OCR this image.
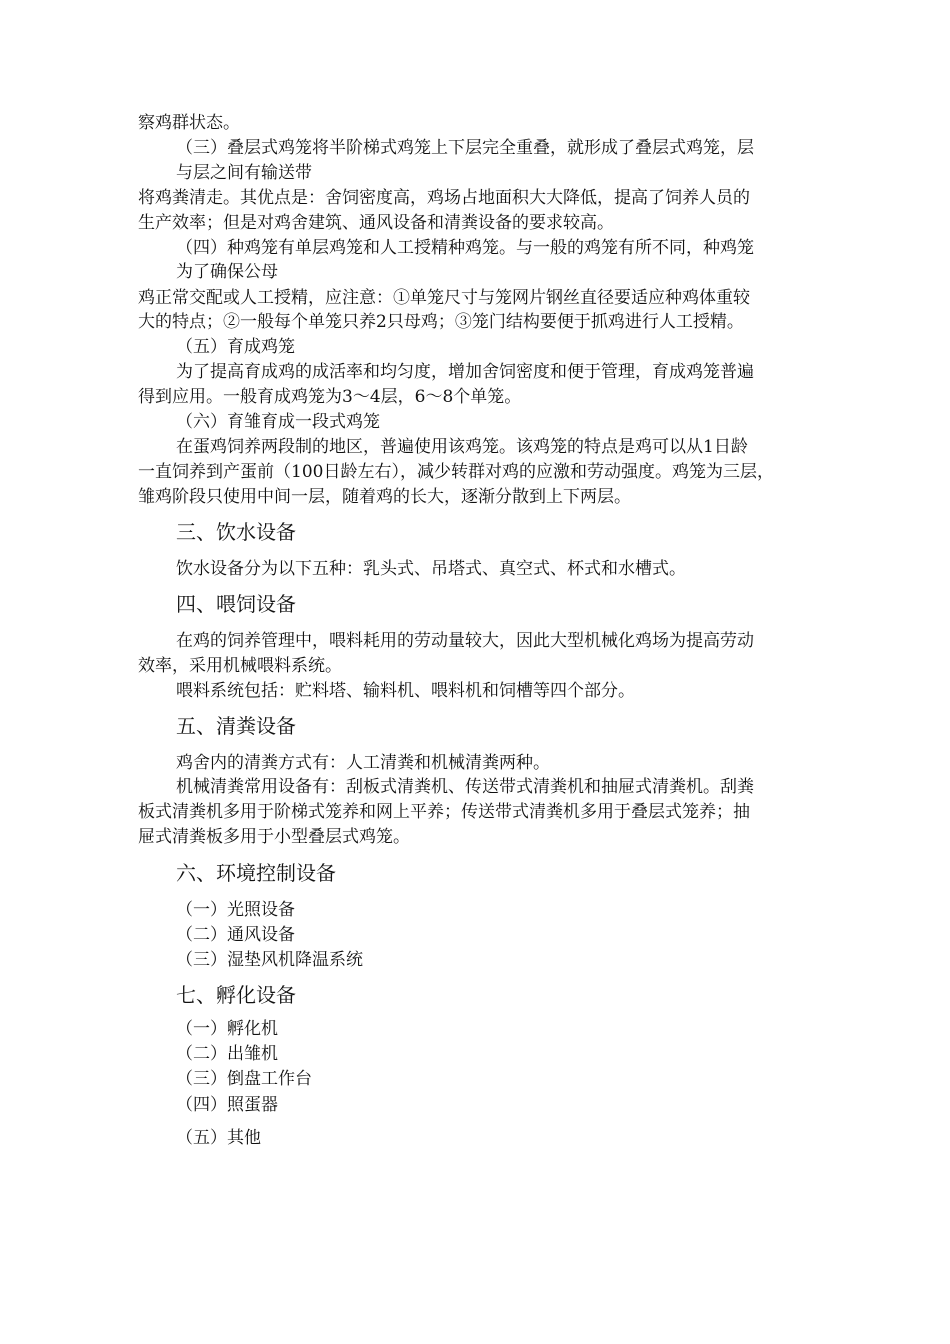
察鸡群状态。
（三）叠层式鸡笼将半阶梯式鸡笼上下层完全重叠，就形成了叠层式鸡笼，层
与层之间有输送带
将鸡粪清走。其优点是：舍饲密度高，鸡场占地面积大大降低，提高了饲养人员的
生产效率；但是对鸡舍建筑、通风设备和清粪设备的要求较高。
（四）种鸡笼有单层鸡笼和人工授精种鸡笼。与一般的鸡笼有所不同，种鸡笼
为了确保公母
鸡正常交配或人工授精，应注意：①单笼尺寸与笼网片钢丝直径要适应种鸡体重较
大的特点；②一般每个单笼只养2只母鸡；③笼门结构要便于抓鸡进行人工授精。
（五）育成鸡笼
为了提高育成鸡的成活率和均匀度，增加舍饲密度和便于管理，育成鸡笼普遍
得到应用。一般育成鸡笼为3〜4层，6〜8个单笼。
（六）育雏育成一段式鸡笼
在蛋鸡饲养两段制的地区，普遍使用该鸡笼。该鸡笼的特点是鸡可以从1日龄
一直饲养到产蛋前（100日龄左右），减少转群对鸡的应激和劳动强度。鸡笼为三层，
雏鸡阶段只使用中间一层，随着鸡的长大，逐渐分散到上下两层。
三、饮水设备
饮水设备分为以下五种：乳头式、吊塔式、真空式、杯式和水槽式。
四、喂饲设备
在鸡的饲养管理中，喂料耗用的劳动量较大，因此大型机械化鸡场为提高劳动
效率，采用机械喂料系统。
喂料系统包括：贮料塔、输料机、喂料机和饲槽等四个部分。
五、清粪设备
鸡舍内的清粪方式有：人工清粪和机械清粪两种。
机械清粪常用设备有：刮板式清粪机、传送带式清粪机和抽屉式清粪机。刮粪
板式清粪机多用于阶梯式笼养和网上平养；传送带式清粪机多用于叠层式笼养；抽
屉式清粪板多用于小型叠层式鸡笼。
六、环境控制设备
（一）光照设备
（二）通风设备
（三）湿垫风机降温系统
七、孵化设备
（一）孵化机
（二）出雏机
（三）倒盘工作台
（四）照蛋器
（五）其他
